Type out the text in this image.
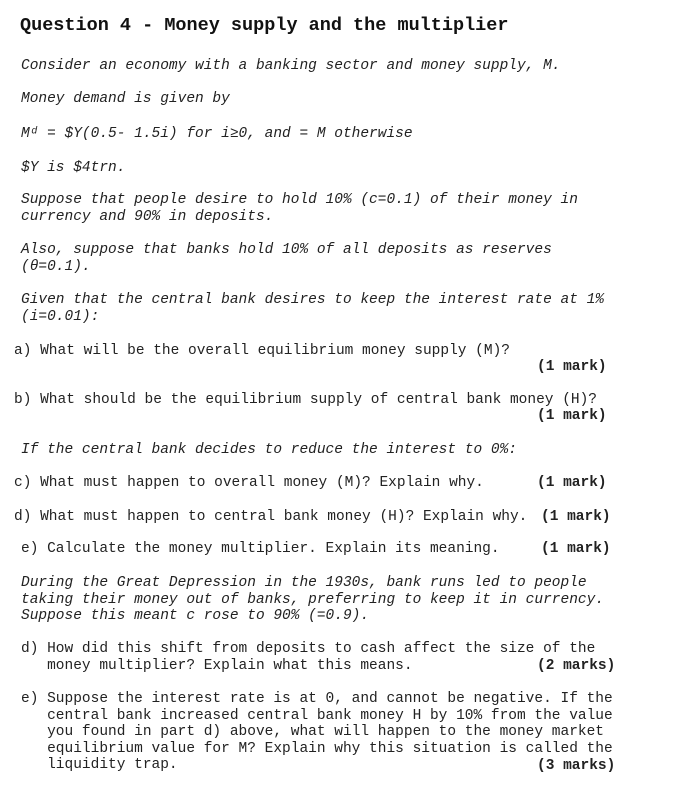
Question 4 - Money supply and the multiplier
Consider an economy with a banking sector and money supply, M.
Money demand is given by
Mᵈ = $Y(0.5- 1.5i) for i≥0, and = M otherwise
$Y is $4trn.
Suppose that people desire to hold 10% (c=0.1) of their money in
currency and 90% in deposits.
Also, suppose that banks hold 10% of all deposits as reserves
(θ=0.1).
Given that the central bank desires to keep the interest rate at 1%
(i=0.01):
a) What will be the overall equilibrium money supply (M)?
(1 mark)
b) What should be the equilibrium supply of central bank money (H)?
(1 mark)
If the central bank decides to reduce the interest to 0%:
c) What must happen to overall money (M)? Explain why.	(1 mark)
d) What must happen to central bank money (H)? Explain why. (1 mark)
e) Calculate the money multiplier. Explain its meaning.	(1 mark)
During the Great Depression in the 1930s, bank runs led to people
taking their money out of banks, preferring to keep it in currency.
Suppose this meant c rose to 90% (=0.9).
d) How did this shift from deposits to cash affect the size of the
money multiplier? Explain what this means.	(2 marks)
e) Suppose the interest rate is at 0, and cannot be negative. If the
central bank increased central bank money H by 10% from the value
you found in part d) above, what will happen to the money market
equilibrium value for M? Explain why this situation is called the
liquidity trap.	(3 marks)
